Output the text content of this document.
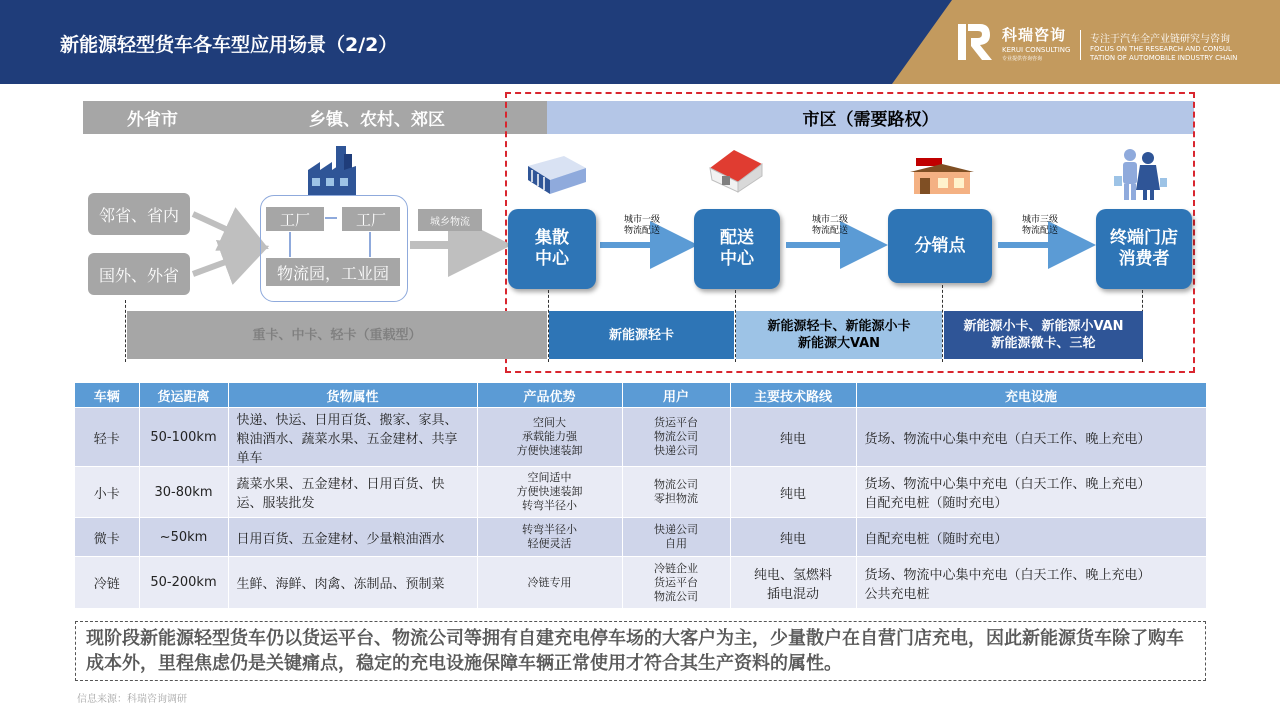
新能源轻型货车各车型应用场景（2/2）	科瑞咨询
KERUI CONSULTING
专业提供咨询咨询
专注于汽车全产业链研究与咨询
FOCUS ON THE RESEARCH AND CONSUL
TATION OF AUTOMOBILE INDUSTRY CHAIN
外省市	乡镇、农村、郊区	市区（需要路权）
邻省、省内
国外、外省
工厂	工厂
物流园，工业园
城乡物流
集散
中心
配送
中心
分销点	终端门店
消费者
城市一级
物流配送
城市二级
物流配送
城市三级
物流配送
重卡、中卡、轻卡（重载型）	新能源轻卡
新能源轻卡、新能源小卡
新能源大VAN
新能源小卡、新能源小VAN
新能源微卡、三轮
车辆	货运距离	货物属性	产品优势	用户	主要技术路线	充电设施
轻卡	50-100km	快递、快运、日用百货、搬家、家具、粮油酒水、蔬菜水果、五金建材、共享单车	空间大
承载能力强
方便快速装卸	货运平台
物流公司
快递公司	纯电	货场、物流中心集中充电（白天工作、晚上充电）

小卡	30-80km	蔬菜水果、五金建材、日用百货、快运、服装批发	空间适中
方便快速装卸
转弯半径小	物流公司
零担物流	纯电	货场、物流中心集中充电（白天工作、晚上充电）
自配充电桩（随时充电）

微卡	~50km	日用百货、五金建材、少量粮油酒水	转弯半径小
轻便灵活	快递公司
自用	纯电	自配充电桩（随时充电）

冷链	50-200km	生鲜、海鲜、肉禽、冻制品、预制菜	冷链专用	冷链企业
货运平台
物流公司	纯电、氢燃料
插电混动	货场、物流中心集中充电（白天工作、晚上充电）
公共充电桩
现阶段新能源轻型货车仍以货运平台、物流公司等拥有自建充电停车场的大客户为主，少量散户在自营门店充电，因此新能源货车除了购车成本外，里程焦虑仍是关键痛点，稳定的充电设施保障车辆正常使用才符合其生产资料的属性。
信息来源：科瑞咨询调研
